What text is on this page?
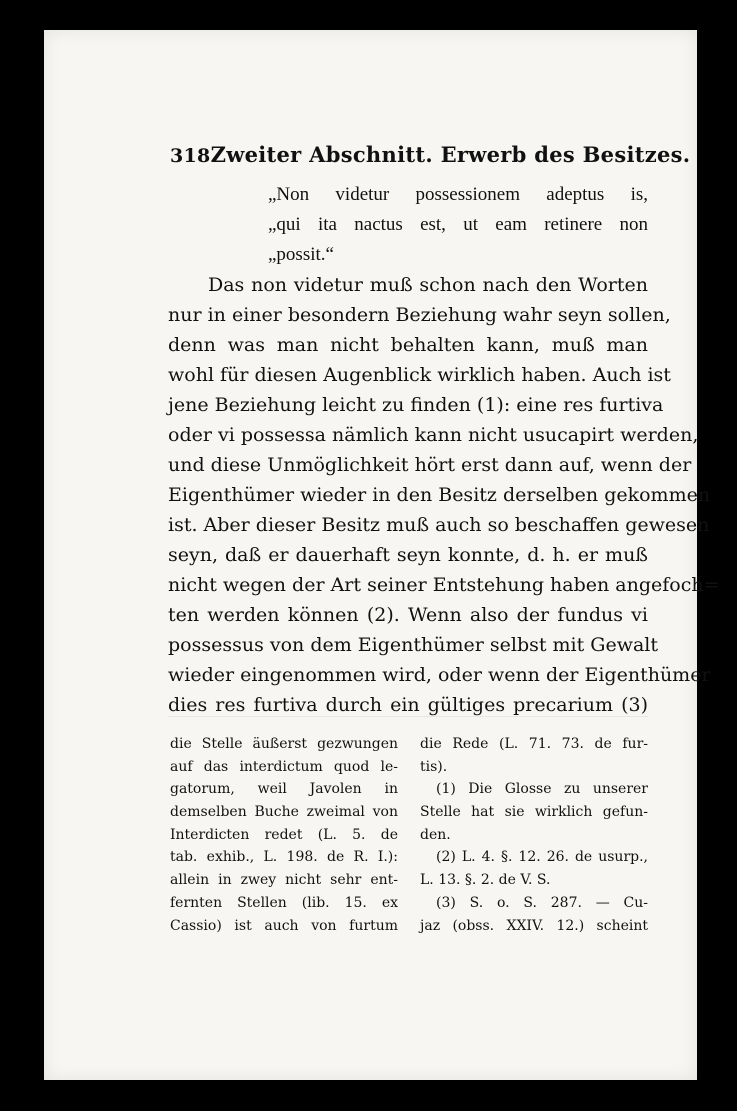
318 Zweiter Abschnitt. Erwerb des Besitzes.
„Non videtur possessionem adeptus is,
„qui ita nactus est, ut eam retinere non
„possit.“
Das non videtur muß schon nach den Worten
nur in einer besondern Beziehung wahr seyn sollen,
denn was man nicht behalten kann, muß man
wohl für diesen Augenblick wirklich haben. Auch ist
jene Beziehung leicht zu finden (1): eine res furtiva
oder vi possessa nämlich kann nicht usucapirt werden,
und diese Unmöglichkeit hört erst dann auf, wenn der
Eigenthümer wieder in den Besitz derselben gekommen
ist. Aber dieser Besitz muß auch so beschaffen gewesen
seyn, daß er dauerhaft seyn konnte, d. h. er muß
nicht wegen der Art seiner Entstehung haben angefoch=
ten werden können (2). Wenn also der fundus vi
possessus von dem Eigenthümer selbst mit Gewalt
wieder eingenommen wird, oder wenn der Eigenthümer
dies res furtiva durch ein gültiges precarium (3)
die Stelle äußerst gezwungen
auf das interdictum quod le-
gatorum, weil Javolen in
demselben Buche zweimal von
Interdicten redet (L. 5. de
tab. exhib., L. 198. de R. I.):
allein in zwey nicht sehr ent-
fernten Stellen (lib. 15. ex
Cassio) ist auch von furtum
die Rede (L. 71. 73. de fur-
tis).
(1) Die Glosse zu unserer
Stelle hat sie wirklich gefun-
den.
(2) L. 4. §. 12. 26. de usurp.,
L. 13. §. 2. de V. S.
(3) S. o. S. 287. — Cu-
jaz (obss. XXIV. 12.) scheint
